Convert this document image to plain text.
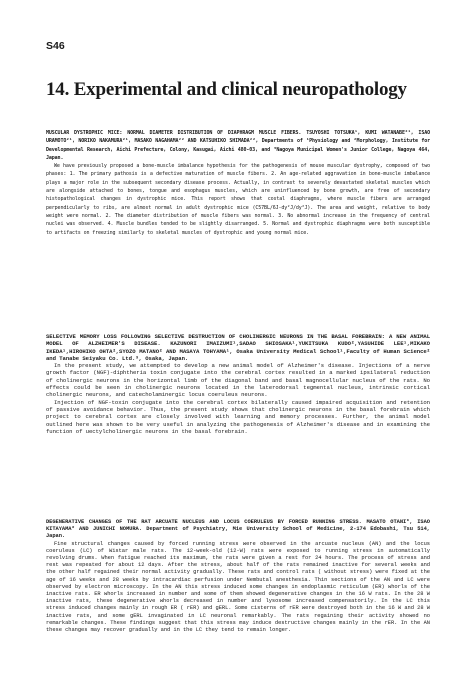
S46
14. Experimental and clinical neuropathology

MUSCULAR DYSTROPHIC MICE: NORMAL DIAMETER DISTRIBUTION OF DIAPHRAGM MUSCLE FIBERS. TSUYOSHI TOTSUKA¹, KUMI WATANABE²¹, ISAO URAMOTO²¹, NORIKO NAKAMURA²¹, MASAKO NAGAHAMA²² AND KATSUHIKO SHIMADA²², Departments of ¹Physiology and ²Morphology, Institute for Developmental Research, Aichi Prefecture, Colony, Kasugai, Aichi 480-03, and ³Nagoya Municipal Women's Junior College, Nagoya 464, Japan.

We have previously proposed a bone-muscle imbalance hypothesis for the pathogenesis of mouse muscular dystrophy, composed of two phases: 1. The primary pathosis is a defective maturation of muscle fibers. 2. An age-related aggravation in bone-muscle imbalance plays a major role in the subsequent secondary disease process. Actually, in contrast to severely devastated skeletal muscles which are alongside attached to bones, tongue and esophagus muscles, which are uninfluenced by bone growth, are free of secondary histopathological changes in dystrophic mice. This report shows that costal diaphragms, where muscle fibers are arranged perpendicularly to ribs, are almost normal in adult dystrophic mice (C57BL/6J-dy²J/dy²J). The area and weight, relative to body weight were normal. 2. The diameter distribution of muscle fibers was normal. 3. No abnormal increase in the frequency of central nuclei was observed. 4. Muscle bundles tended to be slightly disarranged. 5. Normal and dystrophic diaphragms were both susceptible to artifacts on freezing similarly to skeletal muscles of dystrophic and young normal mice.

SELECTIVE MEMORY LOSS FOLLOWING SELECTIVE DESTRUCTION OF CHOLINERGIC NEURONS IN THE BASAL FOREBRAIN: A NEW ANIMAL MODEL OF ALZHEIMER'S DISEASE. KAZUNORI IMAIZUMI¹,SADAO SHIOSAKA¹,YUKITSUKA KUDO²,YASUHIDE LEE¹,MIKAKO IKEDA¹,HIROHIKO OHTA²,SYOZO MATANO² AND MASAYA TOHYAMA¹, Osaka University Medical School¹,Faculty of Human Science² and Tanabe Seiyaku Co. Ltd.³, Osaka, Japan.

In the present study, we attempted to develop a new animal model of Alzheimer's disease. Injections of a nerve growth factor (NGF)-diphtheria toxin conjugate into the cerebral cortex resulted in a marked ipsilateral reduction of cholinergic neurons in the horizontal limb of the diagonal band and basal magnocellular nucleus of the rats. No effects could be seen in cholinergic neurons located in the laterodorsal tegmental nucleus, intrinsic cortical cholinergic neurons, and catecholaminergic locus coeruleus neurons.

Injection of NGF-toxin conjugate into the cerebral cortex bilaterally caused impaired acquisition and retention of passive avoidance behavior. Thus, the present study shows that cholinergic neurons in the basal forebrain which project to cerebral cortex are closely involved with learning and memory processes. Further, the animal model outlined here was shown to be very useful in analyzing the pathogenesis of Alzheimer's disease and in examining the function of uectylcholinergic neurons in the basal forebrain.

DEGENERATIVE CHANGES OF THE RAT ARCUATE NUCLEUS AND LOCUS COERULEUS BY FORCED RUNNING STRESS. MASATO OTANI*, ISAO KITAYAMA* AND JUNICHI NOMURA. Department of Psychiatry, Mie University School of Medicine, 2-174 Edobashi, Tsu 514, Japan.

Fine structural changes caused by forced running stress were observed in the arcuate nucleus (AN) and the locus coeruleus (LC) of Wistar male rats. The 12-week-old (12-W) rats were exposed to running stress in automatically revolving drums. When fatigue reached its maximum, the rats were given a rest for 24 hours. The process of stress and rest was repeated for about 12 days. After the stress, about half of the rats remained inactive for several weeks and the other half regained their normal activity gradually. These rats and control rats ( without stress) were fixed at the age of 16 weeks and 28 weeks by intracardiac perfusion under Nembutal anesthesia. Thin sections of the AN and LC were observed by electron microscopy. In the AN this stress induced some changes in endoplasmic reticulum (ER) whorls of the inactive rats. ER whorls increased in number and some of them showed degenerative changes in the 16 W rats. In the 28 W inactive rats, these degenerative whorls decreased in number and lysosome increased compensatorily. In the LC this stress induced changes mainly in rough ER ( rER) and gERL. Some cisterns of rER were destroyed both in the 16 W and 28 W inactive rats, and some gERL invaginated in LC neuronal remarkably. The rats regaining their activity showed no remarkable changes. These findings suggest that this stress may induce destructive changes mainly in the rER. In the AN these changes may recover gradually and in the LC they tend to remain longer.
